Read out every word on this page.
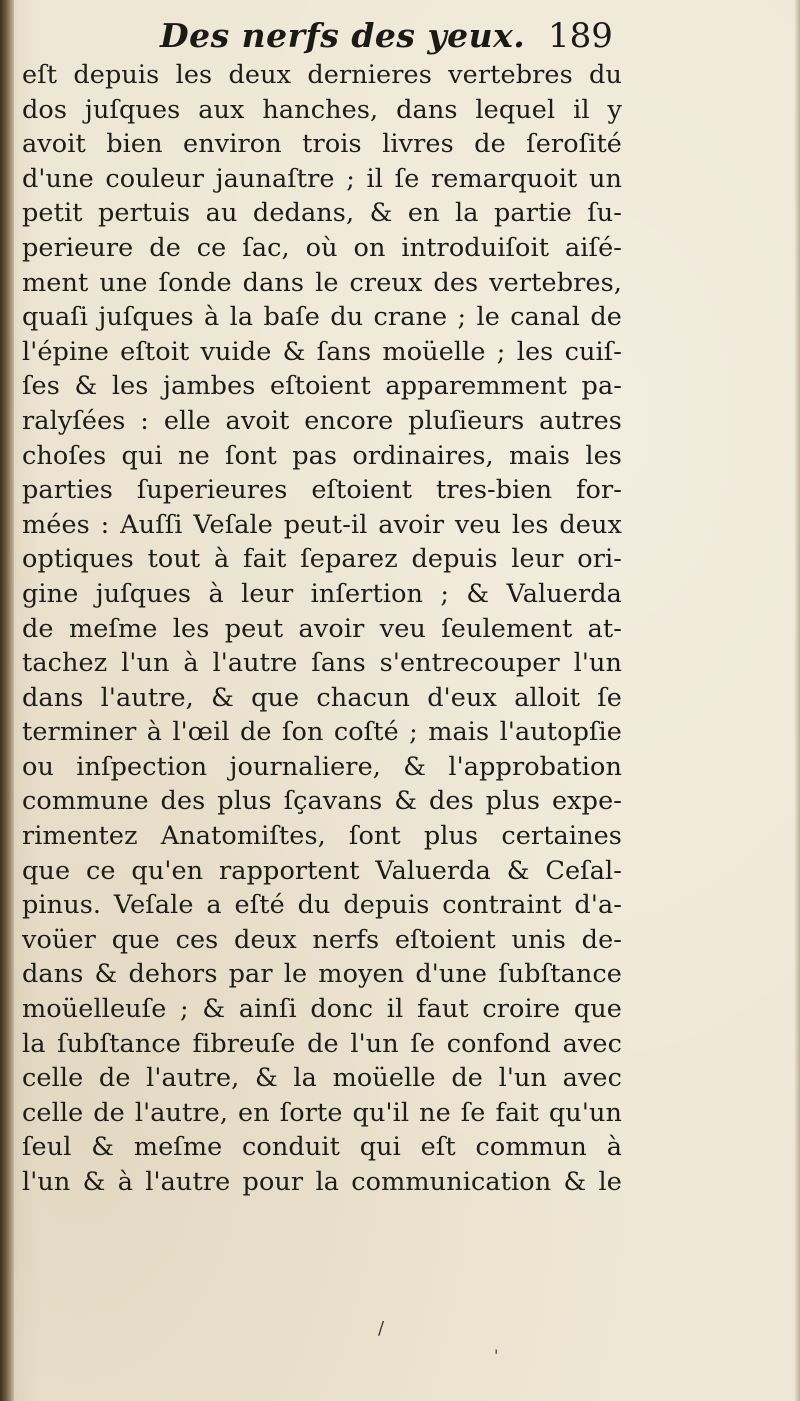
Des nerfs des yeux. 189
eſt depuis les deux dernieres vertebres du
dos juſques aux hanches, dans lequel il y
avoit bien environ trois livres de ſeroſité
d'une couleur jaunaſtre ; il ſe remarquoit un
petit pertuis au dedans, & en la partie ſu-
perieure de ce ſac, où on introduiſoit aiſé-
ment une ſonde dans le creux des vertebres,
quaſi juſques à la baſe du crane ; le canal de
l'épine eſtoit vuide & ſans moüelle ; les cuiſ-
ſes & les jambes eſtoient apparemment pa-
ralyſées : elle avoit encore pluſieurs autres
choſes qui ne ſont pas ordinaires, mais les
parties ſuperieures eſtoient tres-bien for-
mées : Auſſi Veſale peut-il avoir veu les deux
optiques tout à fait ſeparez depuis leur ori-
gine juſques à leur inſertion ; & Valuerda
de meſme les peut avoir veu ſeulement at-
tachez l'un à l'autre ſans s'entrecouper l'un
dans l'autre, & que chacun d'eux alloit ſe
terminer à l'œil de ſon coſté ; mais l'autopſie
ou inſpection journaliere, & l'approbation
commune des plus ſçavans & des plus expe-
rimentez Anatomiſtes, ſont plus certaines
que ce qu'en rapportent Valuerda & Ceſal-
pinus. Veſale a eſté du depuis contraint d'a-
voüer que ces deux nerfs eſtoient unis de-
dans & dehors par le moyen d'une ſubſtance
moüelleuſe ; & ainſi donc il faut croire que
la ſubſtance fibreuſe de l'un ſe confond avec
celle de l'autre, & la moüelle de l'un avec
celle de l'autre, en ſorte qu'il ne ſe fait qu'un
ſeul & meſme conduit qui eſt commun à
l'un & à l'autre pour la communication & le
/
'
